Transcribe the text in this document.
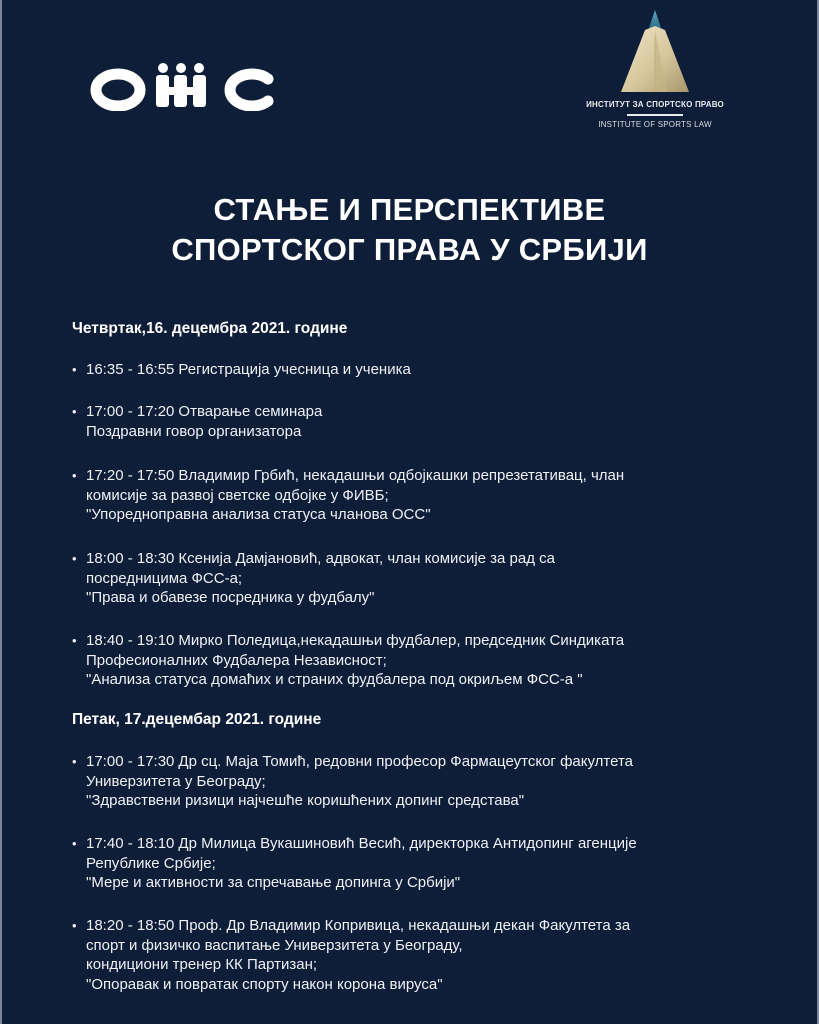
ИНСТИТУТ ЗА СПОРТСКО ПРАВО
INSTITUTE OF SPORTS LAW
СТАЊЕ И ПЕРСПЕКТИВЕ
СПОРТСКОГ ПРАВА У СРБИЈИ
Четвртак,16. децембра 2021. године
• 16:35 - 16:55 Регистрација учесница и ученика
• 17:00 - 17:20 Отварање семинара
Поздравни говор организатора
• 17:20 - 17:50 Владимир Грбић, некадашњи одбојкашки репрезетативац, члан
комисије за развој светске одбојке у ФИВБ;
"Упоредноправна анализа статуса чланова ОСС"
• 18:00 - 18:30 Ксенија Дамјановић, адвокат, члан комисије за рад са
посредницима ФСС-а;
"Права и обавезе посредника у фудбалу"
• 18:40 - 19:10 Мирко Поледица,некадашњи фудбалер, председник Синдиката
Професионалних Фудбалера Независност;
"Анализа статуса домаћих и страних фудбалера под окриљем ФСС-а "
Петак, 17.децембар 2021. године
• 17:00 - 17:30 Др сц. Маја Томић, редовни професор Фармацеутског факултета
Универзитета у Београду;
"Здравствени ризици најчешће коришћених допинг средстава"
• 17:40 - 18:10 Др Милица Вукашиновић Весић, директорка Антидопинг агенције
Републике Србије;
"Мере и активности за спречавање допинга у Србији"
• 18:20 - 18:50 Проф. Др Владимир Копривица, некадашњи декан Факултета за
спорт и физичко васпитање Универзитета у Београду,
кондициони тренер КК Партизан;
"Опоравак и повратак спорту након корона вируса"
